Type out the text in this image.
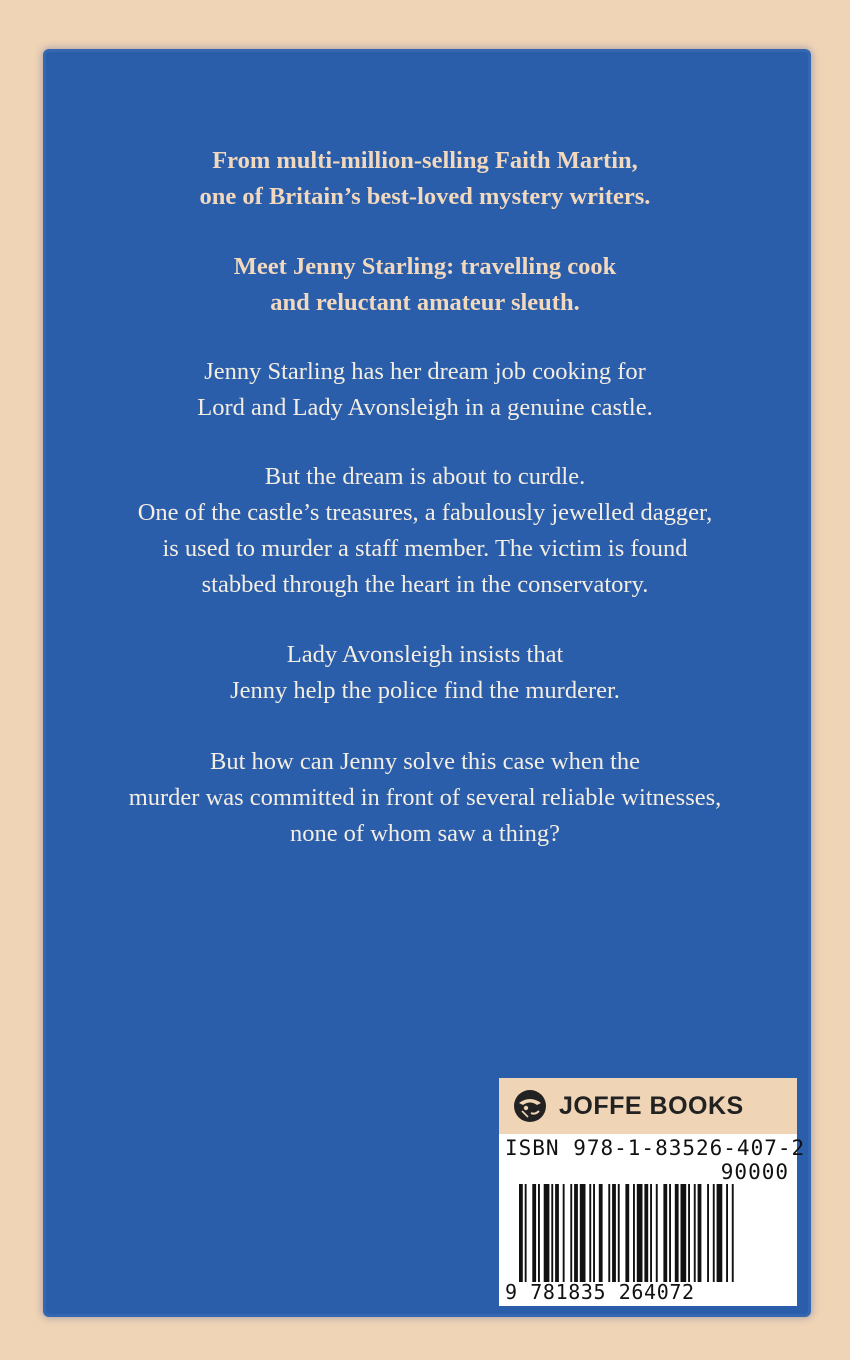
From multi-million-selling Faith Martin,
one of Britain’s best-loved mystery writers.

Meet Jenny Starling: travelling cook
and reluctant amateur sleuth.

Jenny Starling has her dream job cooking for
Lord and Lady Avonsleigh in a genuine castle.

But the dream is about to curdle.
One of the castle’s treasures, a fabulously jewelled dagger,
is used to murder a staff member. The victim is found
stabbed through the heart in the conservatory.

Lady Avonsleigh insists that
Jenny help the police find the murderer.

But how can Jenny solve this case when the
murder was committed in front of several reliable witnesses,
none of whom saw a thing?

JOFFE BOOKS
ISBN 978-1-83526-407-2
90000
9 781835 264072
